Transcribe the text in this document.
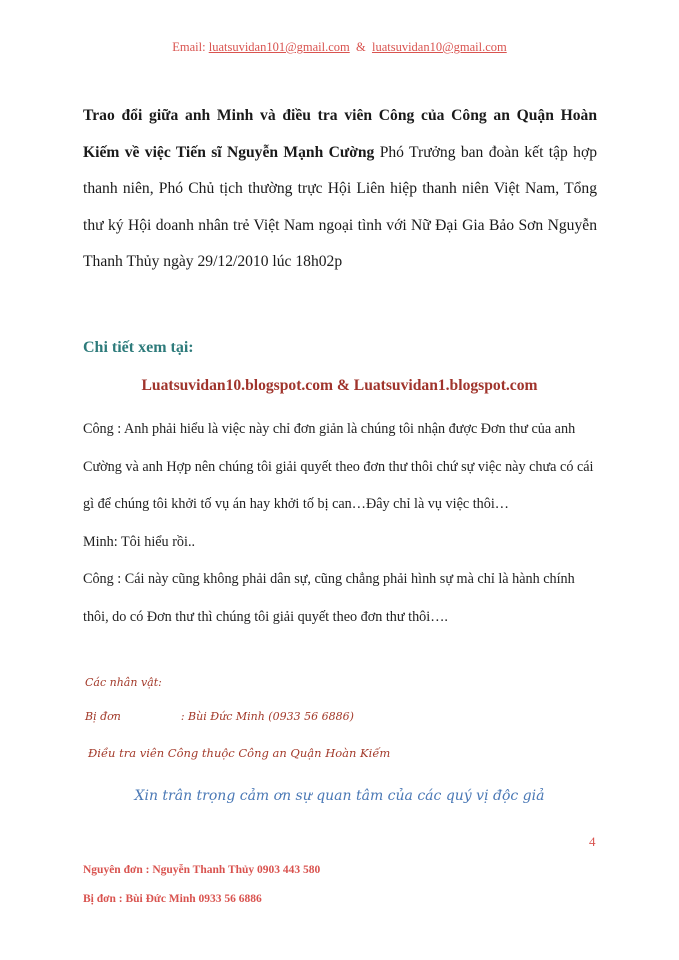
Email: luatsuvidan101@gmail.com & luatsuvidan10@gmail.com
Trao đổi giữa anh Minh và điều tra viên Công của Công an Quận Hoàn Kiếm về việc Tiến sĩ Nguyễn Mạnh Cường Phó Trưởng ban đoàn kết tập hợp thanh niên, Phó Chủ tịch thường trực Hội Liên hiệp thanh niên Việt Nam, Tổng thư ký Hội doanh nhân trẻ Việt Nam ngoại tình với Nữ Đại Gia Bảo Sơn Nguyễn Thanh Thủy ngày 29/12/2010 lúc 18h02p
Chi tiết xem tại:
Luatsuvidan10.blogspot.com & Luatsuvidan1.blogspot.com

Công : Anh phải hiểu là việc này chỉ đơn giản là chúng tôi nhận được Đơn thư của anh Cường và anh Hợp nên chúng tôi giải quyết theo đơn thư thôi chứ sự việc này chưa có cái gì để chúng tôi khởi tố vụ án hay khởi tố bị can…Đây chỉ là vụ việc thôi…

Minh: Tôi hiểu rồi..

Công : Cái này cũng không phải dân sự, cũng chẳng phải hình sự mà chỉ là hành chính thôi, do có Đơn thư thì chúng tôi giải quyết theo đơn thư thôi….

Các nhân vật:
Bị đơn	: Bùi Đức Minh (0933 56 6886)
Điều tra viên Công thuộc Công an Quận Hoàn Kiếm
Xin trân trọng cảm ơn sự quan tâm của các quý vị độc giả
4
Nguyên đơn : Nguyễn Thanh Thủy 0903 443 580
Bị đơn : Bùi Đức Minh 0933 56 6886
